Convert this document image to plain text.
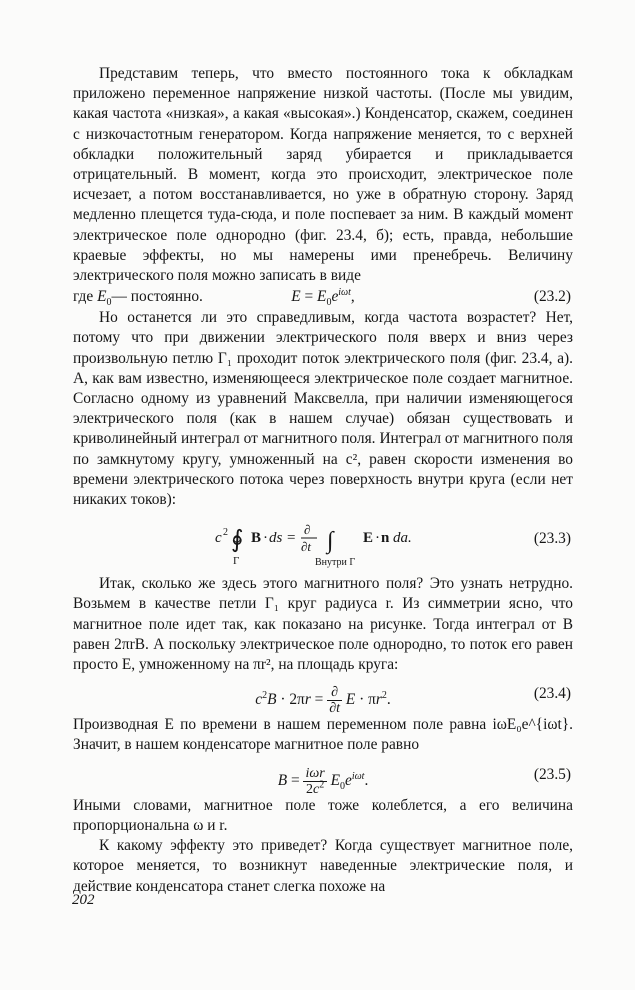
Представим теперь, что вместо постоянного тока к обкладкам приложено переменное напряжение низкой частоты. (После мы увидим, какая частота «низкая», а какая «высокая».) Конденсатор, скажем, соединен с низкочастотным генератором. Когда напряжение меняется, то с верхней обкладки положительный заряд убирается и прикладывается отрицательный. В момент, когда это происходит, электрическое поле исчезает, а потом восстанавливается, но уже в обратную сторону. Заряд медленно плещется туда-сюда, и поле поспевает за ним. В каждый момент электрическое поле однородно (фиг. 23.4, б); есть, правда, небольшие краевые эффекты, но мы намерены ими пренебречь. Величину электрического поля можно записать в виде

где $E_0—$ постоянно.	$E = E_0e^{i\omega t}$,	(23.2)

Но останется ли это справедливым, когда частота возрастет? Нет, потому что при движении электрического поля вверх и вниз через произвольную петлю Γ₁ проходит поток электрического поля (фиг. 23.4, а). А, как вам известно, изменяющееся электрическое поле создает магнитное. Согласно одному из уравнений Максвелла, при наличии изменяющегося электрического поля (как в нашем случае) обязан существовать и криволинейный интеграл от магнитного поля. Интеграл от магнитного поля по замкнутому кругу, умноженный на c², равен скорости изменения во времени электрического потока через поверхность внутри круга (если нет никаких токов):

c 2 ∮
Γ
B · ds =
∂
∂t ∫
Внутри Γ
E · n da.	(23.3)

Итак, сколько же здесь этого магнитного поля? Это узнать нетрудно. Возьмем в качестве петли Γ₁ круг радиуса r. Из симметрии ясно, что магнитное поле идет так, как показано на рисунке. Тогда интеграл от B равен 2πrB. А поскольку электрическое поле однородно, то поток его равен просто E, умноженному на πr², на площадь круга:

$c^2B \cdot 2\pi r = \frac{\partial}{\partial t}$ $E \cdot \pi r^2$.	(23.4)

Производная E по времени в нашем переменном поле равна iωE₀e^{iωt}. Значит, в нашем конденсаторе магнитное поле равно

$B = \frac{\text{iωr}}{2c^2} E_0e^{i\omega t}$.	(23.5)

Иными словами, магнитное поле тоже колеблется, а его величина пропорциональна ω и r.

К какому эффекту это приведет? Когда существует магнитное поле, которое меняется, то возникнут наведенные электрические поля, и действие конденсатора станет слегка похоже на

202
